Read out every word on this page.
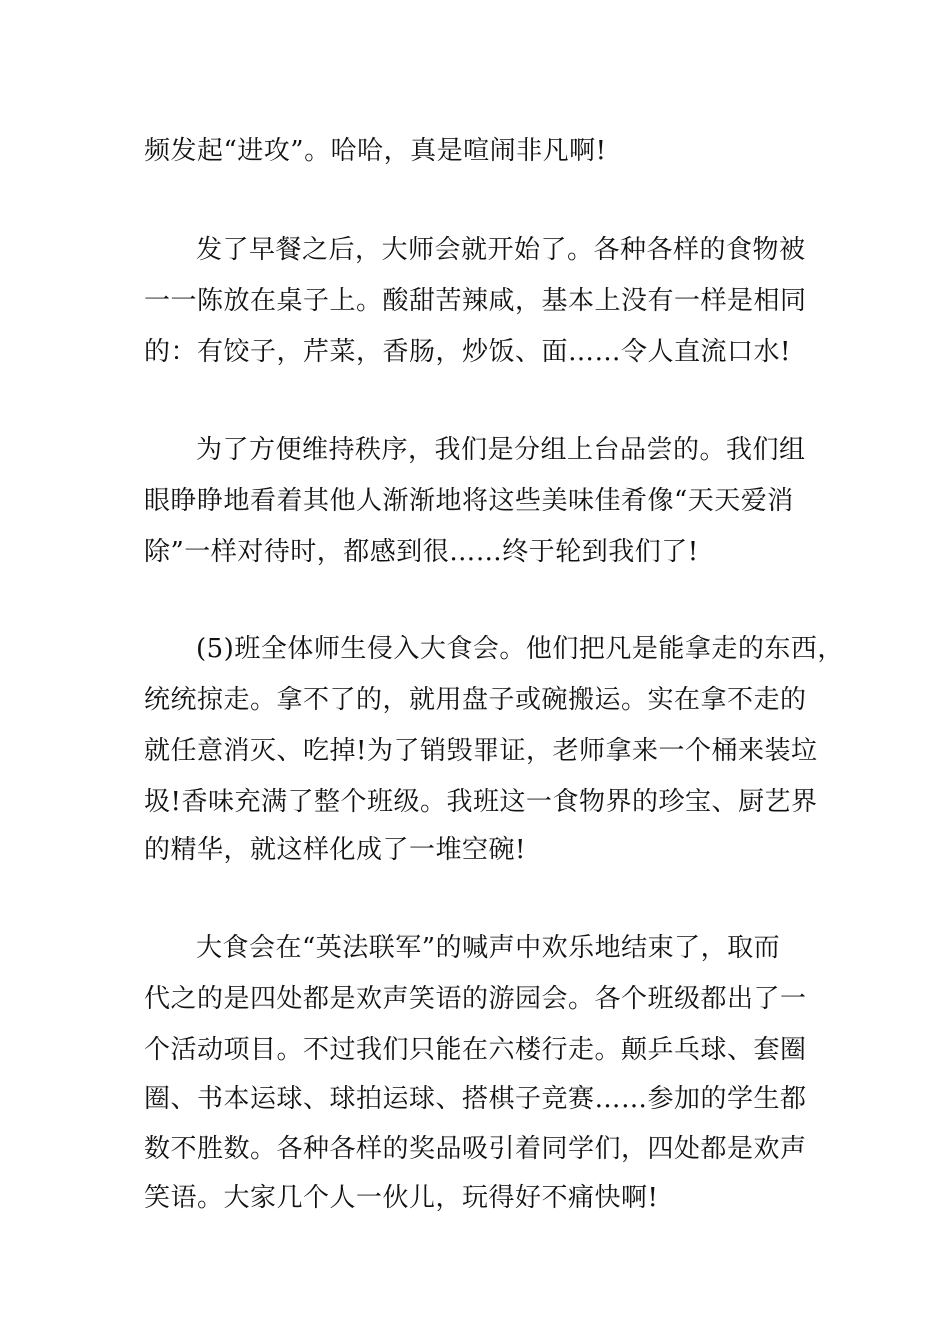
频发起“进攻”。哈哈，真是喧闹非凡啊!
发了早餐之后，大师会就开始了。各种各样的食物被
一一陈放在桌子上。酸甜苦辣咸，基本上没有一样是相同
的：有饺子，芹菜，香肠，炒饭、面……令人直流口水!
为了方便维持秩序，我们是分组上台品尝的。我们组
眼睁睁地看着其他人渐渐地将这些美味佳肴像“天天爱消
除”一样对待时，都感到很……终于轮到我们了!
(5)班全体师生侵入大食会。他们把凡是能拿走的东西，
统统掠走。拿不了的，就用盘子或碗搬运。实在拿不走的
就任意消灭、吃掉!为了销毁罪证，老师拿来一个桶来装垃
圾!香味充满了整个班级。我班这一食物界的珍宝、厨艺界
的精华，就这样化成了一堆空碗!
大食会在“英法联军”的喊声中欢乐地结束了，取而
代之的是四处都是欢声笑语的游园会。各个班级都出了一
个活动项目。不过我们只能在六楼行走。颠乒乓球、套圈
圈、书本运球、球拍运球、搭棋子竞赛……参加的学生都
数不胜数。各种各样的奖品吸引着同学们，四处都是欢声
笑语。大家几个人一伙儿，玩得好不痛快啊!
